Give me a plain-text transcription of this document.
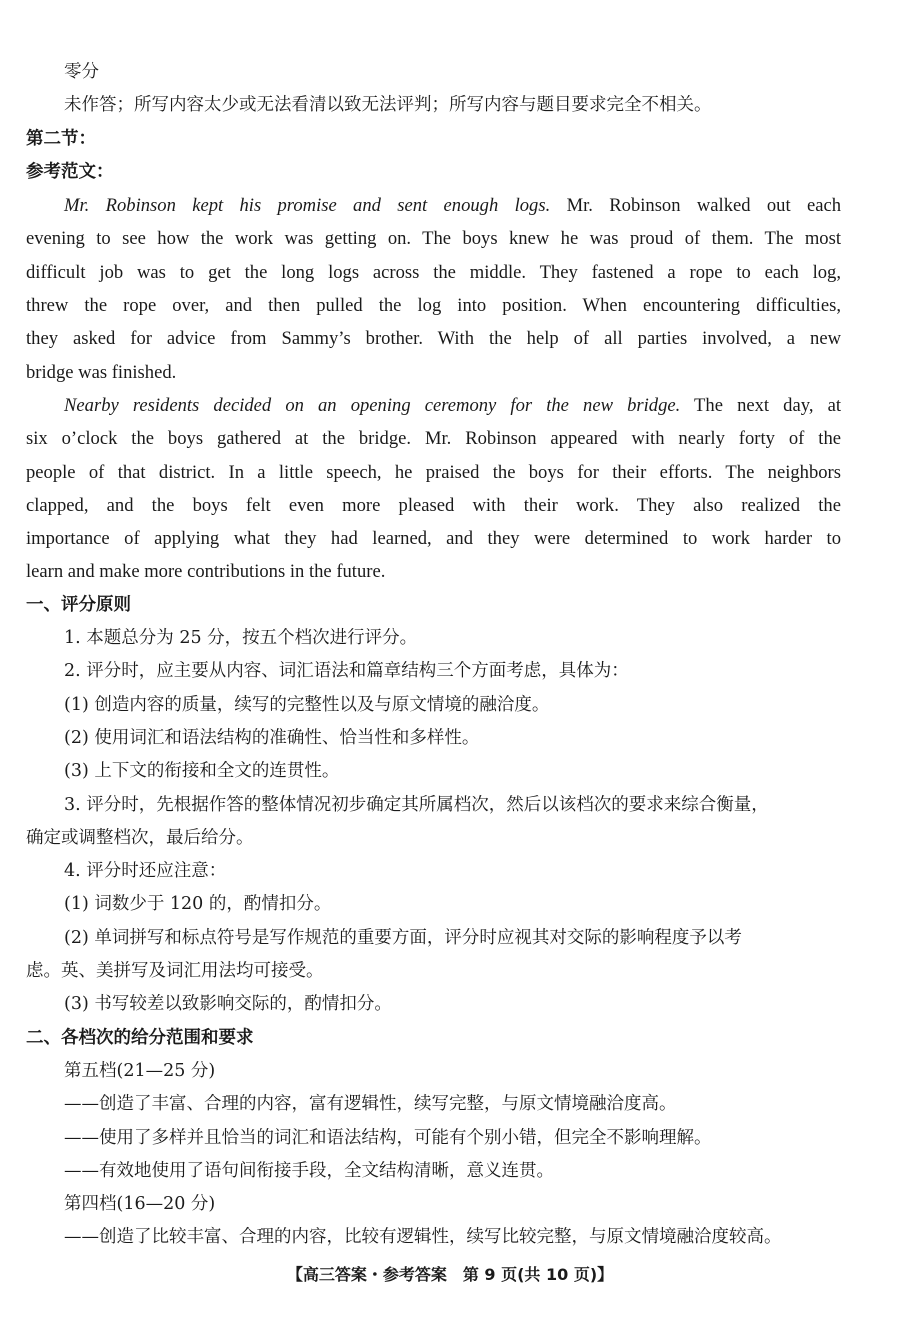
零分
未作答；所写内容太少或无法看清以致无法评判；所写内容与题目要求完全不相关。
第二节：
参考范文：
Mr. Robinson kept his promise and sent enough logs. Mr. Robinson walked out each
evening to see how the work was getting on. The boys knew he was proud of them. The most
difficult job was to get the long logs across the middle. They fastened a rope to each log,
threw the rope over, and then pulled the log into position. When encountering difficulties,
they asked for advice from Sammy’s brother. With the help of all parties involved, a new
bridge was finished.
Nearby residents decided on an opening ceremony for the new bridge. The next day, at
six o’clock the boys gathered at the bridge. Mr. Robinson appeared with nearly forty of the
people of that district. In a little speech, he praised the boys for their efforts. The neighbors
clapped, and the boys felt even more pleased with their work. They also realized the
importance of applying what they had learned, and they were determined to work harder to
learn and make more contributions in the future.
一、评分原则
1. 本题总分为 25 分，按五个档次进行评分。
2. 评分时，应主要从内容、词汇语法和篇章结构三个方面考虑，具体为：
(1) 创造内容的质量，续写的完整性以及与原文情境的融洽度。
(2) 使用词汇和语法结构的准确性、恰当性和多样性。
(3) 上下文的衔接和全文的连贯性。
3. 评分时，先根据作答的整体情况初步确定其所属档次，然后以该档次的要求来综合衡量，
确定或调整档次，最后给分。
4. 评分时还应注意：
(1) 词数少于 120 的，酌情扣分。
(2) 单词拼写和标点符号是写作规范的重要方面，评分时应视其对交际的影响程度予以考
虑。英、美拼写及词汇用法均可接受。
(3) 书写较差以致影响交际的，酌情扣分。
二、各档次的给分范围和要求
第五档(21—25 分)
——创造了丰富、合理的内容，富有逻辑性，续写完整，与原文情境融洽度高。
——使用了多样并且恰当的词汇和语法结构，可能有个别小错，但完全不影响理解。
——有效地使用了语句间衔接手段，全文结构清晰，意义连贯。
第四档(16—20 分)
——创造了比较丰富、合理的内容，比较有逻辑性，续写比较完整，与原文情境融洽度较高。
【高三答案・参考答案　第 9 页(共 10 页)】
